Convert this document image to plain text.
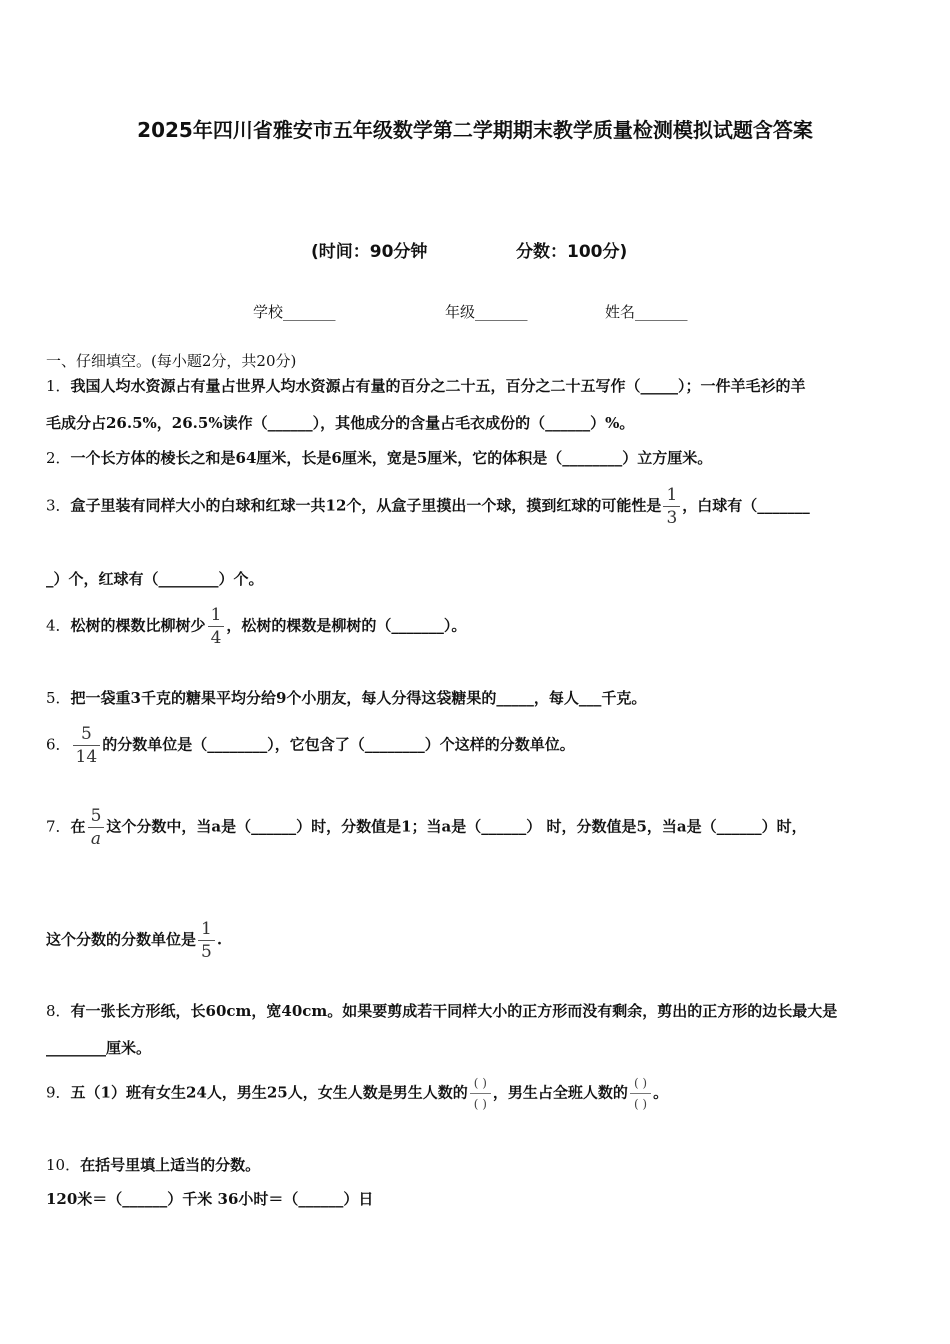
2025年四川省雅安市五年级数学第二学期期末教学质量检测模拟试题含答案
(时间：90分钟	分数：100分)
学校_______	年级_______	姓名_______
一、仔细填空。(每小题2分，共20分)
1．我国人均水资源占有量占世界人均水资源占有量的百分之二十五，百分之二十五写作（_____）；一件羊毛衫的羊
毛成分占26.5%，26.5%读作（______），其他成分的含量占毛衣成份的（______）%。
2．一个长方体的棱长之和是64厘米，长是6厘米，宽是5厘米，它的体积是（________）立方厘米。
3．盒子里装有同样大小的白球和红球一共12个，从盒子里摸出一个球，摸到红球的可能性是 $\frac{1}{3}$ ，白球有（_______
_）个，红球有（________）个。
4．松树的棵数比柳树少 $\frac{1}{4}$ ，松树的棵数是柳树的（_______）。
5．把一袋重3千克的糖果平均分给9个小朋友，每人分得这袋糖果的_____，每人___千克。
6． $\frac{5}{14}$ 的分数单位是（________），它包含了（________）个这样的分数单位。
7．在 $\frac{5}{a}$ 这个分数中，当a是（______）时，分数值是1；当a是（______） 时，分数值是5，当a是（______）时，
这个分数的分数单位是 $\frac{1}{5}$ .
8．有一张长方形纸，长60cm，宽40cm。如果要剪成若干同样大小的正方形而没有剩余，剪出的正方形的边长最大是
________厘米。
9．五（1）班有女生24人，男生25人，女生人数是男生人数的 $\frac{( )}{( )}$ ，男生占全班人数的 $\frac{( )}{( )}$ 。
10．在括号里填上适当的分数。
120米＝（______）千米 36小时＝（______）日
